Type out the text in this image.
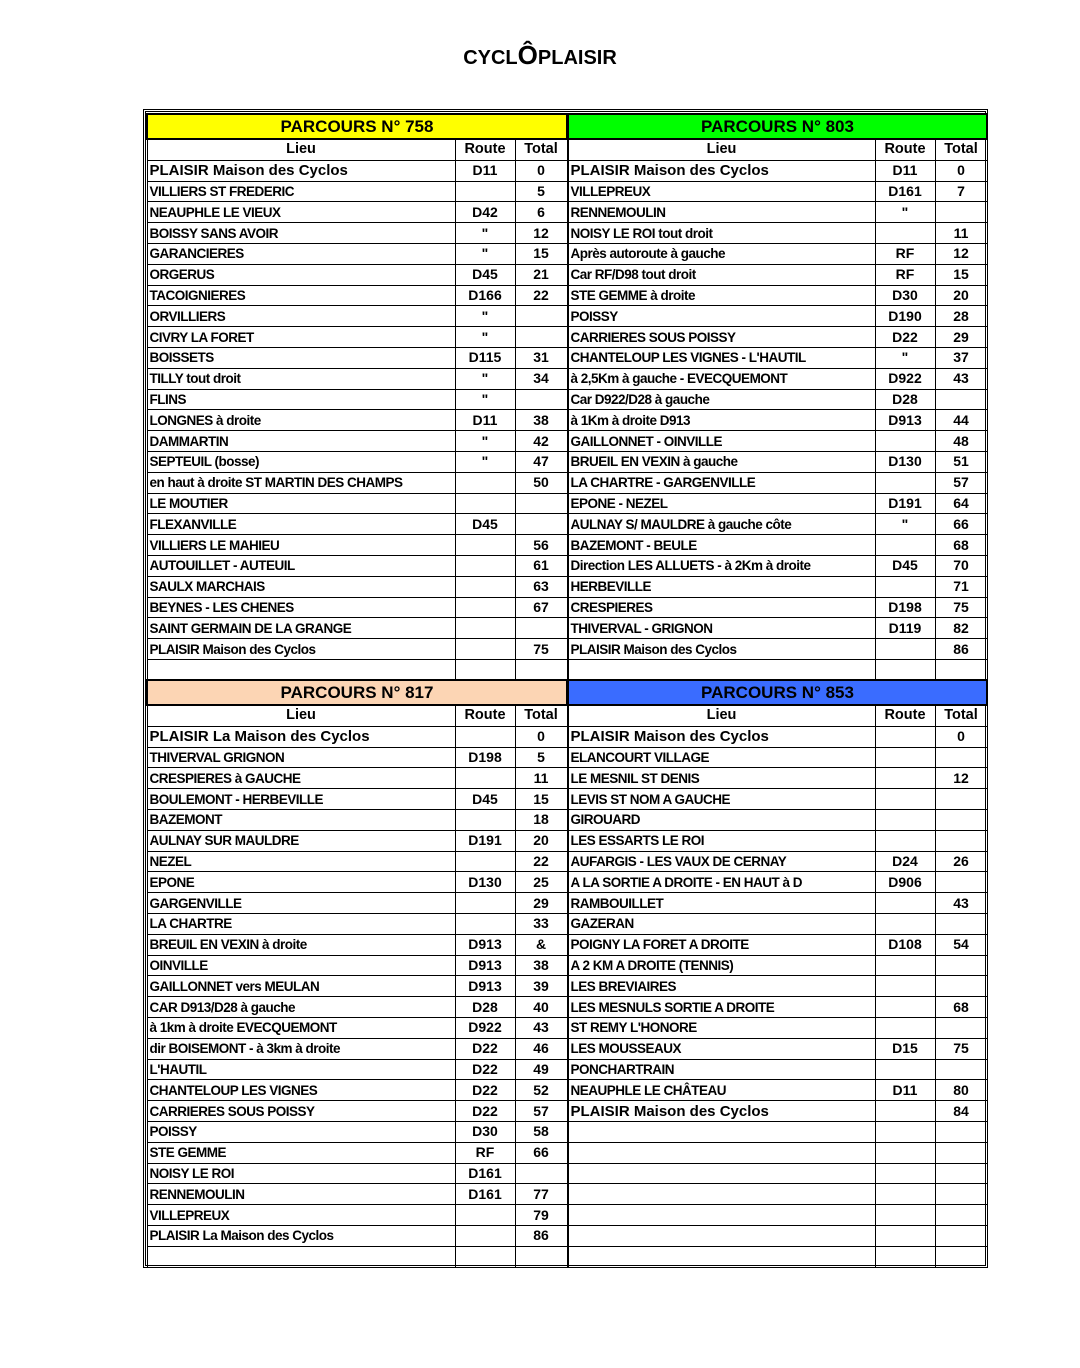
CYCLÔPLAISIR
PARCOURS N° 758		
Lieu	Route	Total
PLAISIR Maison des Cyclos	D11	0
VILLIERS ST FREDERIC		5
NEAUPHLE LE VIEUX	D42	6
BOISSY SANS AVOIR	"	12
GARANCIERES	"	15
ORGERUS	D45	21
TACOIGNIERES	D166	22
ORVILLIERS	"	
CIVRY LA FORET	"	
BOISSETS	D115	31
TILLY tout droit	"	34
FLINS	"	
LONGNES à droite	D11	38
DAMMARTIN	"	42
SEPTEUIL (bosse)	"	47
en haut à droite ST MARTIN DES CHAMPS		50
LE MOUTIER		
FLEXANVILLE	D45	
VILLIERS LE MAHIEU		56
AUTOUILLET - AUTEUIL		61
SAULX MARCHAIS		63
BEYNES - LES CHENES		67
SAINT GERMAIN DE LA GRANGE		
PLAISIR Maison des Cyclos		75

PARCOURS N° 803		
Lieu	Route	Total
PLAISIR Maison des Cyclos	D11	0
VILLEPREUX	D161	7
RENNEMOULIN	"	
NOISY LE ROI tout droit		11
Après autoroute à gauche	RF	12
Car RF/D98 tout droit	RF	15
STE GEMME à droite	D30	20
POISSY	D190	28
CARRIERES SOUS POISSY	D22	29
CHANTELOUP LES VIGNES - L'HAUTIL	"	37
à 2,5Km à gauche - EVECQUEMONT	D922	43
Car D922/D28 à gauche	D28	
à 1Km à droite D913	D913	44
GAILLONNET - OINVILLE		48
BRUEIL EN VEXIN à gauche	D130	51
LA CHARTRE - GARGENVILLE		57
EPONE - NEZEL	D191	64
AULNAY S/ MAULDRE à gauche côte	"	66
BAZEMONT - BEULE		68
Direction LES ALLUETS - à 2Km à droite	D45	70
HERBEVILLE		71
CRESPIERES	D198	75
THIVERVAL - GRIGNON	D119	82
PLAISIR Maison des Cyclos		86

PARCOURS N° 817		
Lieu	Route	Total
PLAISIR La Maison des Cyclos		0
THIVERVAL GRIGNON	D198	5
CRESPIERES à GAUCHE		11
BOULEMONT - HERBEVILLE	D45	15
BAZEMONT		18
AULNAY SUR MAULDRE	D191	20
NEZEL		22
EPONE	D130	25
GARGENVILLE		29
LA CHARTRE		33
BREUIL EN VEXIN à droite	D913	&
OINVILLE	D913	38
GAILLONNET vers MEULAN	D913	39
CAR D913/D28 à gauche	D28	40
à 1km à droite EVECQUEMONT	D922	43
dir BOISEMONT - à 3km à droite	D22	46
L'HAUTIL	D22	49
CHANTELOUP LES VIGNES	D22	52
CARRIERES SOUS POISSY	D22	57
POISSY	D30	58
STE GEMME	RF	66
NOISY LE ROI	D161	
RENNEMOULIN	D161	77
VILLEPREUX		79
PLAISIR La Maison des Cyclos		86

PARCOURS N° 853		
Lieu	Route	Total
PLAISIR Maison des Cyclos		0
ELANCOURT VILLAGE		
LE MESNIL ST DENIS		12
LEVIS ST NOM A GAUCHE		
GIROUARD		
LES ESSARTS LE ROI		
AUFARGIS - LES VAUX DE CERNAY	D24	26
A LA SORTIE A DROITE - EN HAUT à D	D906	
RAMBOUILLET		43
GAZERAN		
POIGNY LA FORET A DROITE	D108	54
A 2 KM A DROITE (TENNIS)		
LES BREVIAIRES		
LES MESNULS SORTIE A DROITE		68
ST REMY L'HONORE		
LES MOUSSEAUX	D15	75
PONCHARTRAIN		
NEAUPHLE LE CHÂTEAU	D11	80
PLAISIR Maison des Cyclos		84
